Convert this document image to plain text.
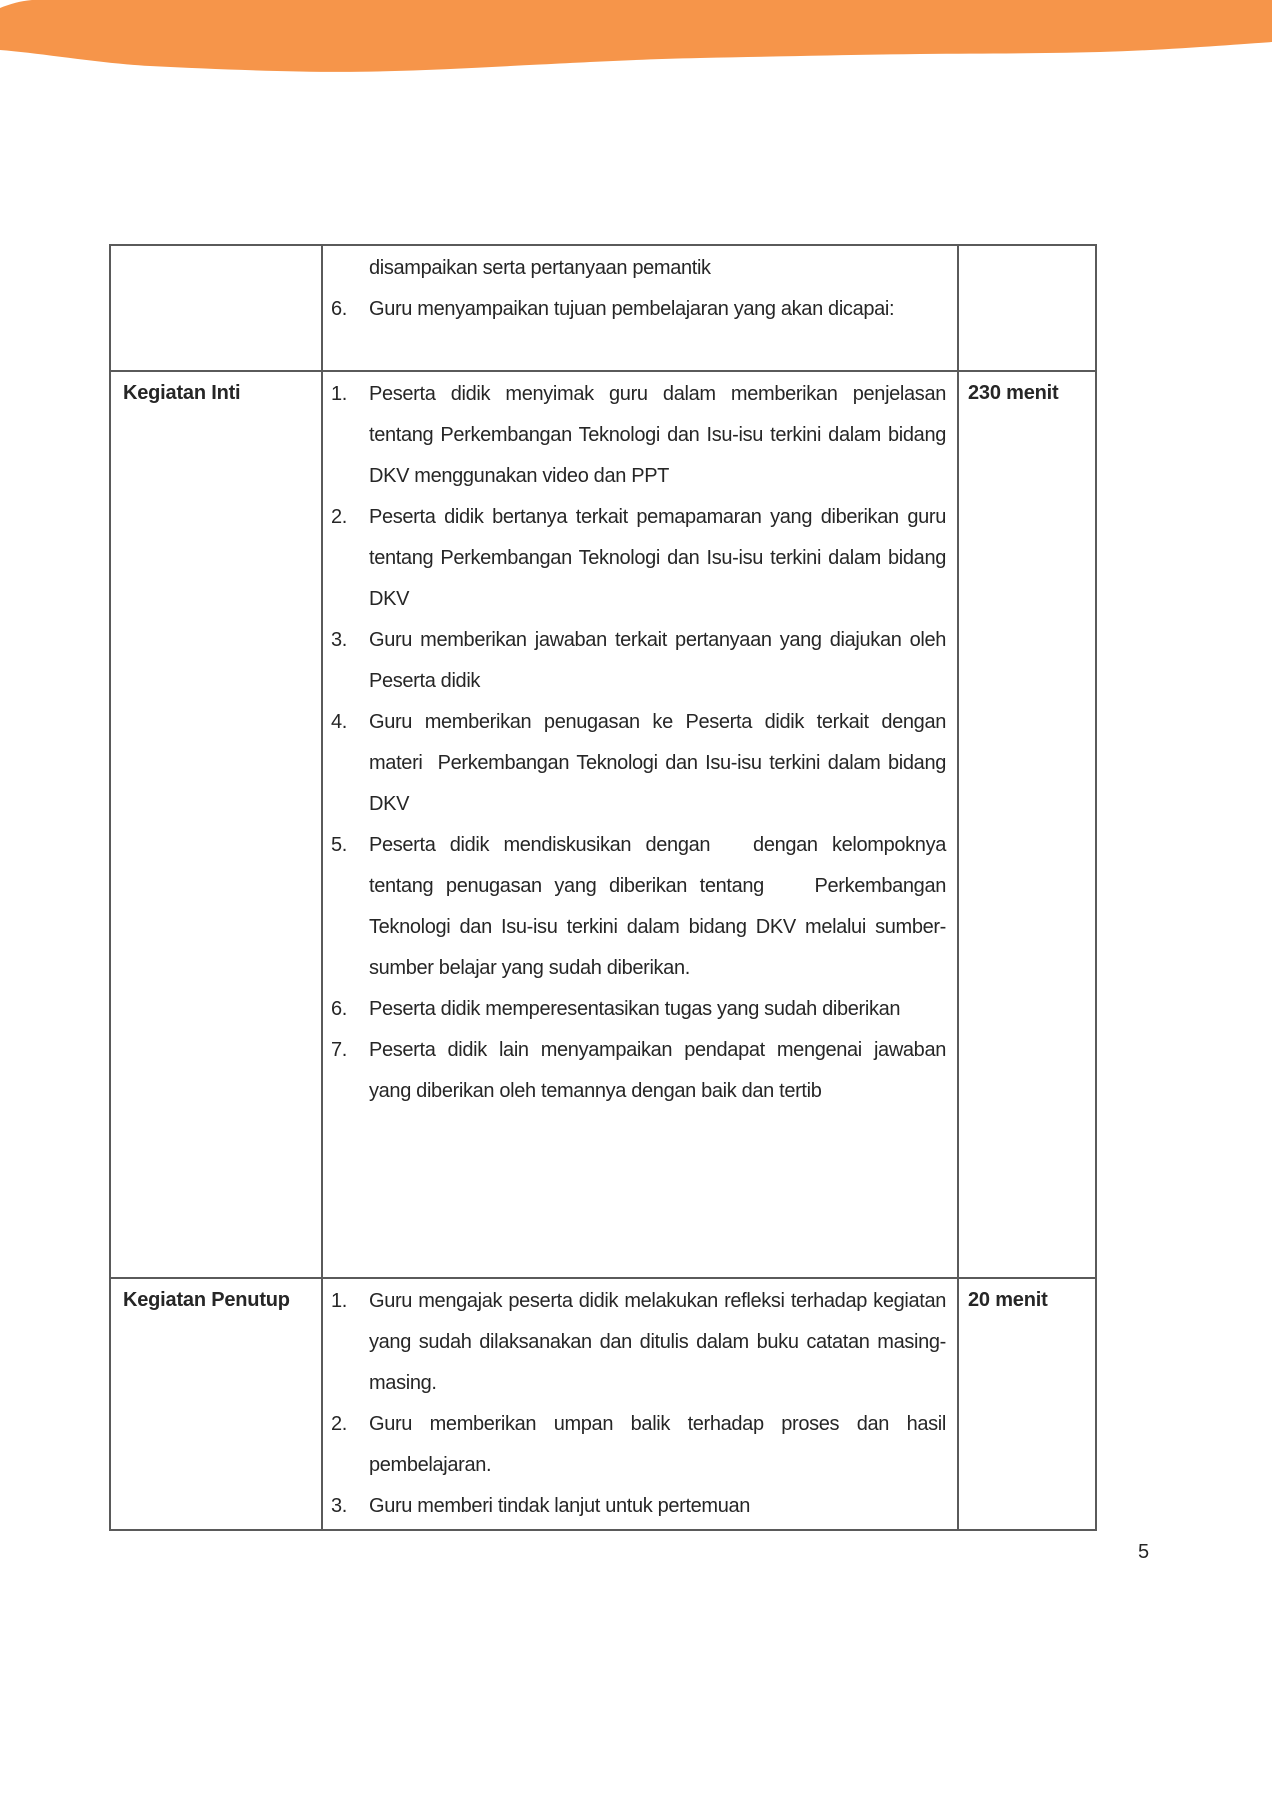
	disampaikan serta pertanyaan pemantik
6. Guru menyampaikan tujuan pembelajaran yang akan dicapai:	

Kegiatan Inti	1.	Peserta didik menyimak guru dalam memberikan penjelasan tentang Perkembangan Teknologi dan Isu-isu terkini dalam bidang DKV menggunakan video dan PPT
2.	Peserta didik bertanya terkait pemapamaran yang diberikan guru  tentang Perkembangan Teknologi dan Isu-isu terkini dalam bidang DKV
3.	Guru memberikan jawaban terkait pertanyaan yang diajukan oleh Peserta didik
4.	Guru memberikan penugasan ke Peserta didik terkait dengan materi  Perkembangan Teknologi dan Isu-isu terkini dalam bidang DKV
5.	Peserta didik mendiskusikan dengan   dengan kelompoknya  tentang penugasan yang diberikan tentang    Perkembangan Teknologi dan Isu-isu terkini dalam bidang DKV melalui sumber-sumber belajar yang sudah diberikan.
6.	Peserta didik memperesentasikan tugas yang sudah diberikan
7.	Peserta didik lain menyampaikan pendapat mengenai jawaban yang diberikan oleh temannya dengan baik dan tertib
	230 menit
Kegiatan Penutup	1.	Guru mengajak peserta didik melakukan refleksi terhadap kegiatan yang sudah dilaksanakan dan ditulis dalam buku catatan masing-masing.
2.	Guru memberikan umpan balik terhadap proses dan hasil pembelajaran.
3.	Guru memberi tindak lanjut untuk pertemuan
	20 menit
5
